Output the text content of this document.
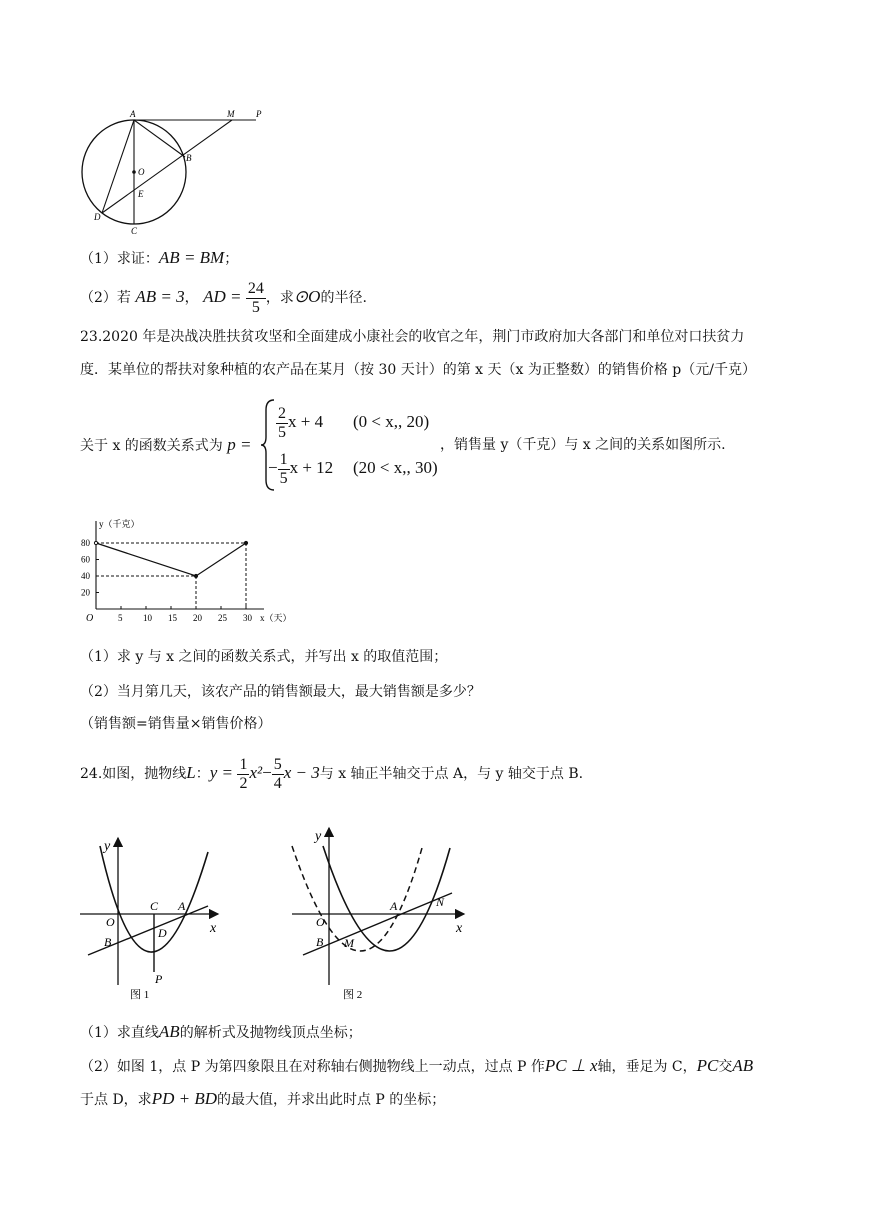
A	M P
B
O
E
D
C
（1）求证：AB = BM；
（2）若 AB = 3， AD = $\frac{24}{5}$ ，求⊙O的半径.
23.2020 年是决战决胜扶贫攻坚和全面建成小康社会的收官之年，荆门市政府加大各部门和单位对口扶贫力
度．某单位的帮扶对象种植的农产品在某月（按 30 天计）的第 x 天（x 为正整数）的销售价格 p（元/千克）
关于 x 的函数关系式为 p =
$\frac{2}{5}$ x + 4 (0 < x,, 20)
− $\frac{1}{5}$ x + 12 (20 < x,, 30)
，销售量 y（千克）与 x 之间的关系如图所示.
5 10 15 20 25 30
20
40
60
80
O
y（千克）
x（天）
（1）求 y 与 x 之间的函数关系式，并写出 x 的取值范围；
（2）当月第几天，该农产品的销售额最大，最大销售额是多少？
（销售额=销售量×销售价格）
24.如图，抛物线L：$y = \frac{1}{2} x^2- \frac{5}{4}$ x − 3与 x 轴正半轴交于点 A，与 y 轴交于点 B.
y
x
O
B
C A
D
P
图 1
y
x
O
B M
A	N
图 2
（1）求直线AB的解析式及抛物线顶点坐标；
（2）如图 1，点 P 为第四象限且在对称轴右侧抛物线上一动点，过点 P 作PC ⊥ x轴，垂足为 C，PC交AB
于点 D，求PD + BD的最大值，并求出此时点 P 的坐标；
